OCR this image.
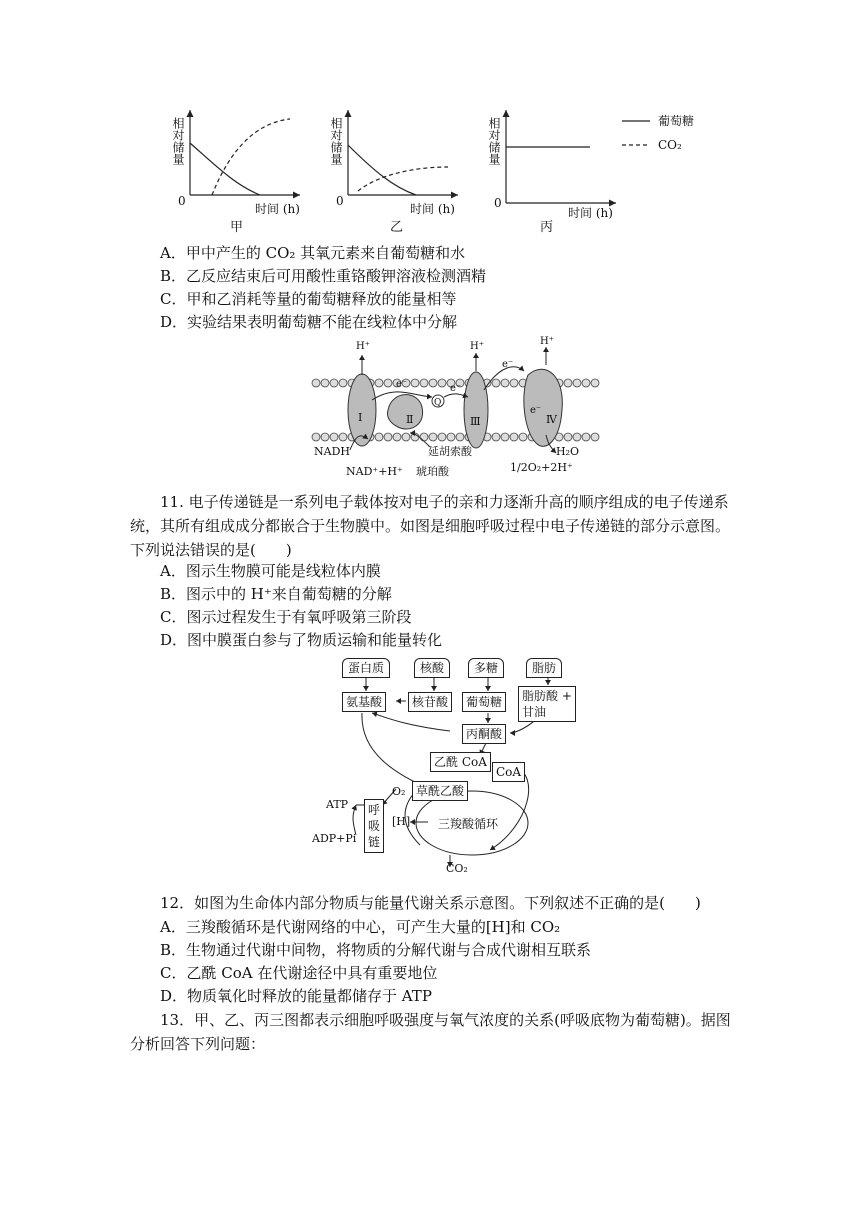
相对储量
0
时间 (h)
甲
相对储量
0
时间 (h)
乙
相对储量
0
时间 (h)
丙
葡萄糖
CO₂
A．甲中产生的 CO₂ 其氧元素来自葡萄糖和水
B．乙反应结束后可用酸性重铬酸钾溶液检测酒精
C．甲和乙消耗等量的葡萄糖释放的能量相等
D．实验结果表明葡萄糖不能在线粒体中分解
H⁺	H⁺	H⁺
e⁻	e⁻
e⁻
e⁻
Ⅰ	Ⅱ	Ⅲ	Ⅳ
Q
NADH
NAD⁺+H⁺
延胡索酸
琥珀酸
H₂O
1/2O₂+2H⁺
11. 电子传递链是一系列电子载体按对电子的亲和力逐渐升高的顺序组成的电子传递系统，其所有组成成分都嵌合于生物膜中。如图是细胞呼吸过程中电子传递链的部分示意图。下列说法错误的是(　　)
A．图示生物膜可能是线粒体内膜
B．图示中的 H⁺来自葡萄糖的分解
C．图示过程发生于有氧呼吸第三阶段
D．图中膜蛋白参与了物质运输和能量转化
蛋白质	核酸	多糖	脂肪
氨基酸	核苷酸	葡萄糖	脂肪酸 +
甘油
丙酮酸
乙酰 CoA
CoA
草酰乙酸
O₂
[H]
ATP
ADP+Pi
呼吸链
三羧酸循环
CO₂
12．如图为生命体内部分物质与能量代谢关系示意图。下列叙述不正确的是(　　)
A．三羧酸循环是代谢网络的中心，可产生大量的[H]和 CO₂
B．生物通过代谢中间物，将物质的分解代谢与合成代谢相互联系
C．乙酰 CoA 在代谢途径中具有重要地位
D．物质氧化时释放的能量都储存于 ATP
13．甲、乙、丙三图都表示细胞呼吸强度与氧气浓度的关系(呼吸底物为葡萄糖)。据图分析回答下列问题：
